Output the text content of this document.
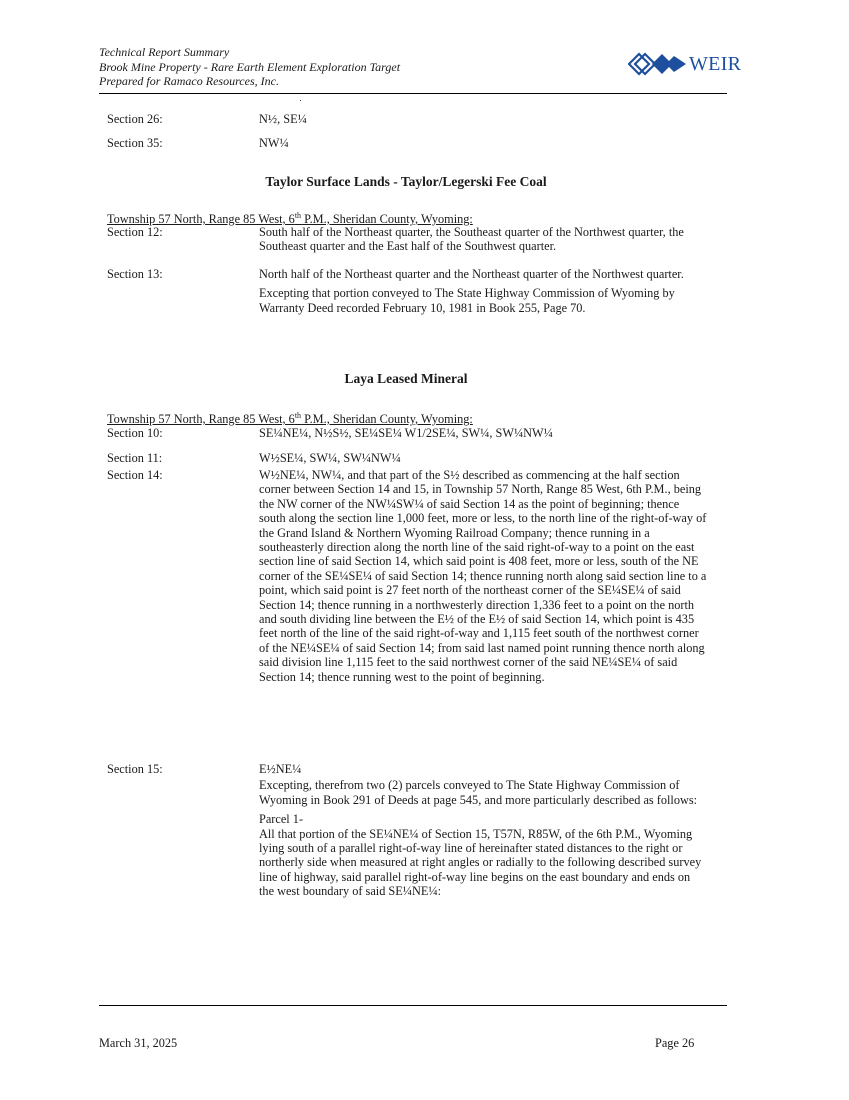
Technical Report Summary
Brook Mine Property - Rare Earth Element Exploration Target
Prepared for Ramaco Resources, Inc.
WEIR
Section 26:	N½, SE¼
Section 35:	NW¼
Taylor Surface Lands - Taylor/Legerski Fee Coal
Township 57 North, Range 85 West, 6th P.M., Sheridan County, Wyoming:
Section 12:	South half of the Northeast quarter, the Southeast quarter of the Northwest quarter, the Southeast quarter and the East half of the Southwest quarter.
Section 13:	North half of the Northeast quarter and the Northeast quarter of the Northwest quarter.

Excepting that portion conveyed to The State Highway Commission of Wyoming by Warranty Deed recorded February 10, 1981 in Book 255, Page 70.

Laya Leased Mineral
Township 57 North, Range 85 West, 6th P.M., Sheridan County, Wyoming:
Section 10:	SE¼NE¼, N½S½, SE¼SE¼ W1/2SE¼, SW¼, SW¼NW¼
Section 11:	W½SE¼, SW¼, SW¼NW¼
Section 14:	W½NE¼, NW¼, and that part of the S½ described as commencing at the half section corner between Section 14 and 15, in Township 57 North, Range 85 West, 6th P.M., being the NW corner of the NW¼SW¼ of said Section 14 as the point of beginning; thence south along the section line 1,000 feet, more or less, to the north line of the right-of-way of the Grand Island & Northern Wyoming Railroad Company; thence running in a southeasterly direction along the north line of the said right-of-way to a point on the east section line of said Section 14, which said point is 408 feet, more or less, south of the NE corner of the SE¼SE¼ of said Section 14; thence running north along said section line to a point, which said point is 27 feet north of the northeast corner of the SE¼SE¼ of said Section 14; thence running in a northwesterly direction 1,336 feet to a point on the north and south dividing line between the E½ of the E½ of said Section 14, which point is 435 feet north of the line of the said right-of-way and 1,115 feet south of the northwest corner of the NE¼SE¼ of said Section 14; from said last named point running thence north along said division line 1,115 feet to the said northwest corner of the said NE¼SE¼ of said Section 14; thence running west to the point of beginning.
Section 15:	E½NE¼

Excepting, therefrom two (2) parcels conveyed to The State Highway Commission of Wyoming in Book 291 of Deeds at page 545, and more particularly described as follows:

Parcel 1-

All that portion of the SE¼NE¼ of Section 15, T57N, R85W, of the 6th P.M., Wyoming lying south of a parallel right-of-way line of hereinafter stated distances to the right or northerly side when measured at right angles or radially to the following described survey line of highway, said parallel right-of-way line begins on the east boundary and ends on the west boundary of said SE¼NE¼:

March 31, 2025	Page 26
